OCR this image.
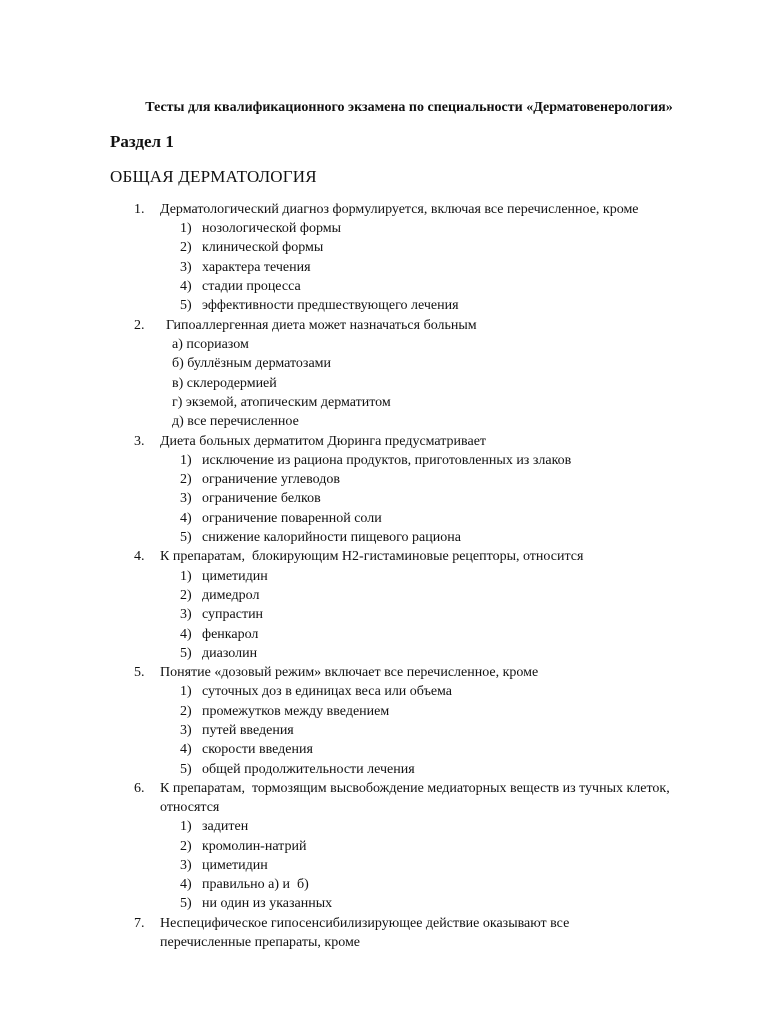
Тесты для квалификационного экзамена по специальности «Дерматовенерология»
Раздел 1
ОБЩАЯ ДЕРМАТОЛОГИЯ
1. Дерматологический диагноз формулируется, включая все перечисленное, кроме
1) нозологической формы
2) клинической формы
3) характера течения
4) стадии процесса
5) эффективности предшествующего лечения
2. Гипоаллергенная диета может назначаться больным
а) псориазом
б) буллёзным дерматозами
в) склеродермией
г) экземой, атопическим дерматитом
д) все перечисленное
3. Диета больных дерматитом Дюринга предусматривает
1) исключение из рациона продуктов, приготовленных из злаков
2) ограничение углеводов
3) ограничение белков
4) ограничение поваренной соли
5) снижение калорийности пищевого рациона
4. К препаратам,  блокирующим Н2-гистаминовые рецепторы, относится
1) циметидин
2) димедрол
3) супрастин
4) фенкарол
5) диазолин
5. Понятие «дозовый режим» включает все перечисленное, кроме
1) суточных доз в единицах веса или объема
2) промежутков между введением
3) путей введения
4) скорости введения
5) общей продолжительности лечения
6. К препаратам,  тормозящим высвобождение медиаторных веществ из тучных клеток, относятся
1) задитен
2) кромолин-натрий
3) циметидин
4) правильно а) и  б)
5) ни один из указанных
7. Неспецифическое гипосенсибилизирующее действие оказывают все перечисленные препараты, кроме
